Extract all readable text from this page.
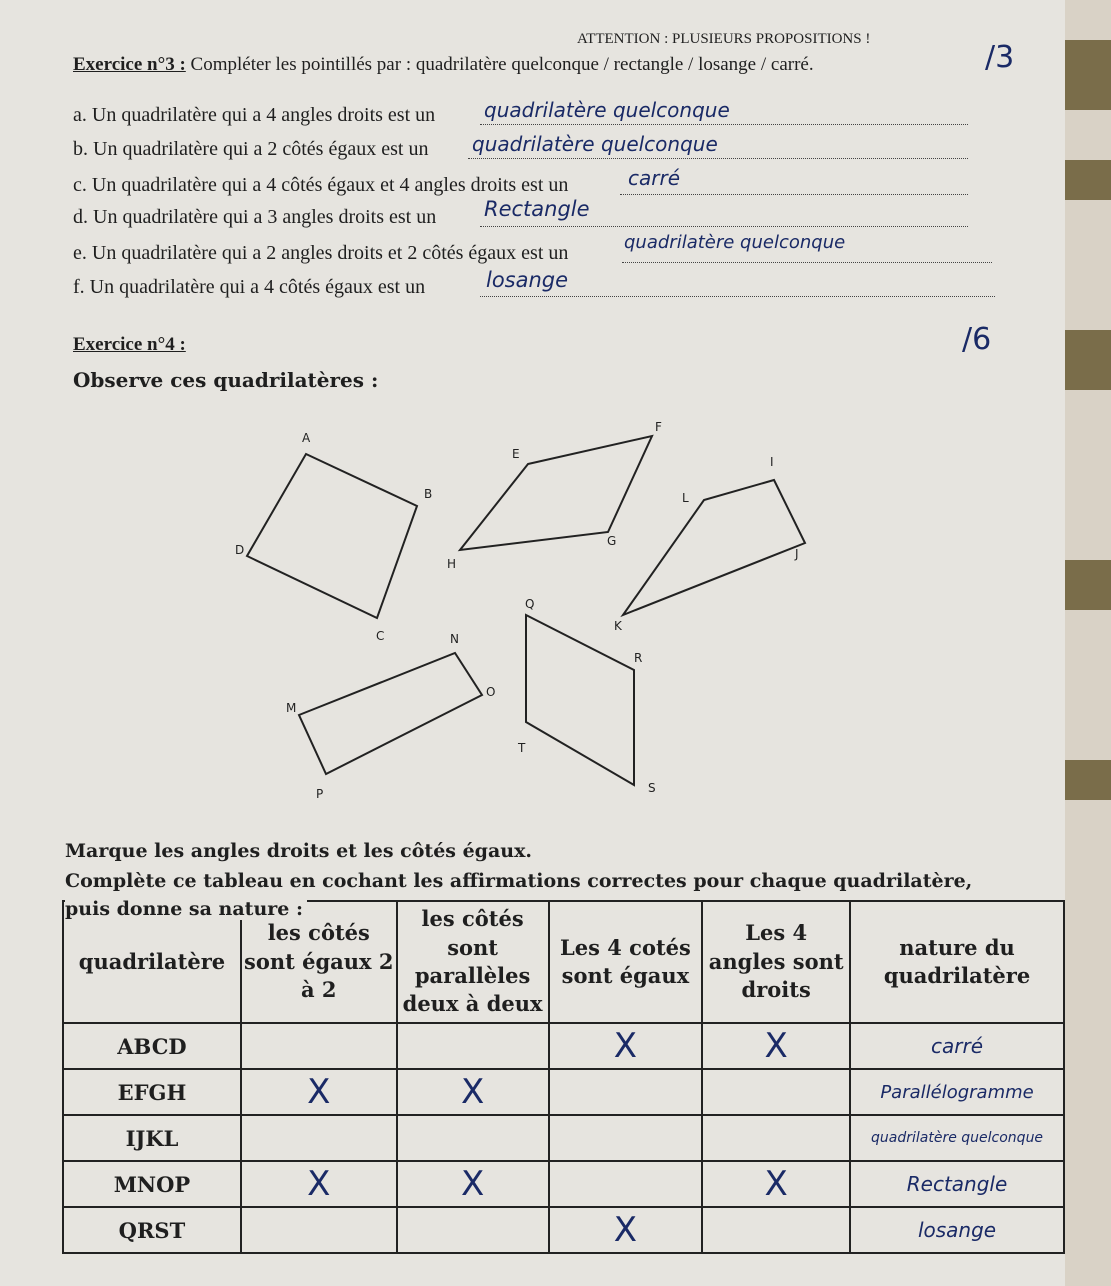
ATTENTION : PLUSIEURS PROPOSITIONS !
Exercice n°3 : Compléter les pointillés par : quadrilatère quelconque / rectangle / losange / carré.	/3
a. Un quadrilatère qui a 4 angles droits est un quadrilatère quelconque
b. Un quadrilatère qui a 2 côtés égaux est un quadrilatère quelconque
c. Un quadrilatère qui a 4 côtés égaux et 4 angles droits est un	carré
d. Un quadrilatère qui a 3 angles droits est un Rectangle
e. Un quadrilatère qui a 2 angles droits et 2 côtés égaux est un	quadrilatère quelconque
f. Un quadrilatère qui a 4 côtés égaux est un	losange
Exercice n°4 :	/6
Observe ces quadrilatères :
A
B
C
D
E
F
G
H
I
J
K
L
M
N
O
P
Q
R
S
T
Marque les angles droits et les côtés égaux.
Complète ce tableau en cochant les affirmations correctes pour chaque quadrilatère,
puis donne sa nature :
quadrilatère	les côtés sont égaux 2 à 2	les côtés sont parallèles deux à deux	Les 4 cotés sont égaux	Les 4 angles sont droits	nature du quadrilatère
ABCD			X	X	carré
EFGH	X	X			Parallélogramme
IJKL					quadrilatère quelconque
MNOP	X	X		X	Rectangle
QRST			X		losange
